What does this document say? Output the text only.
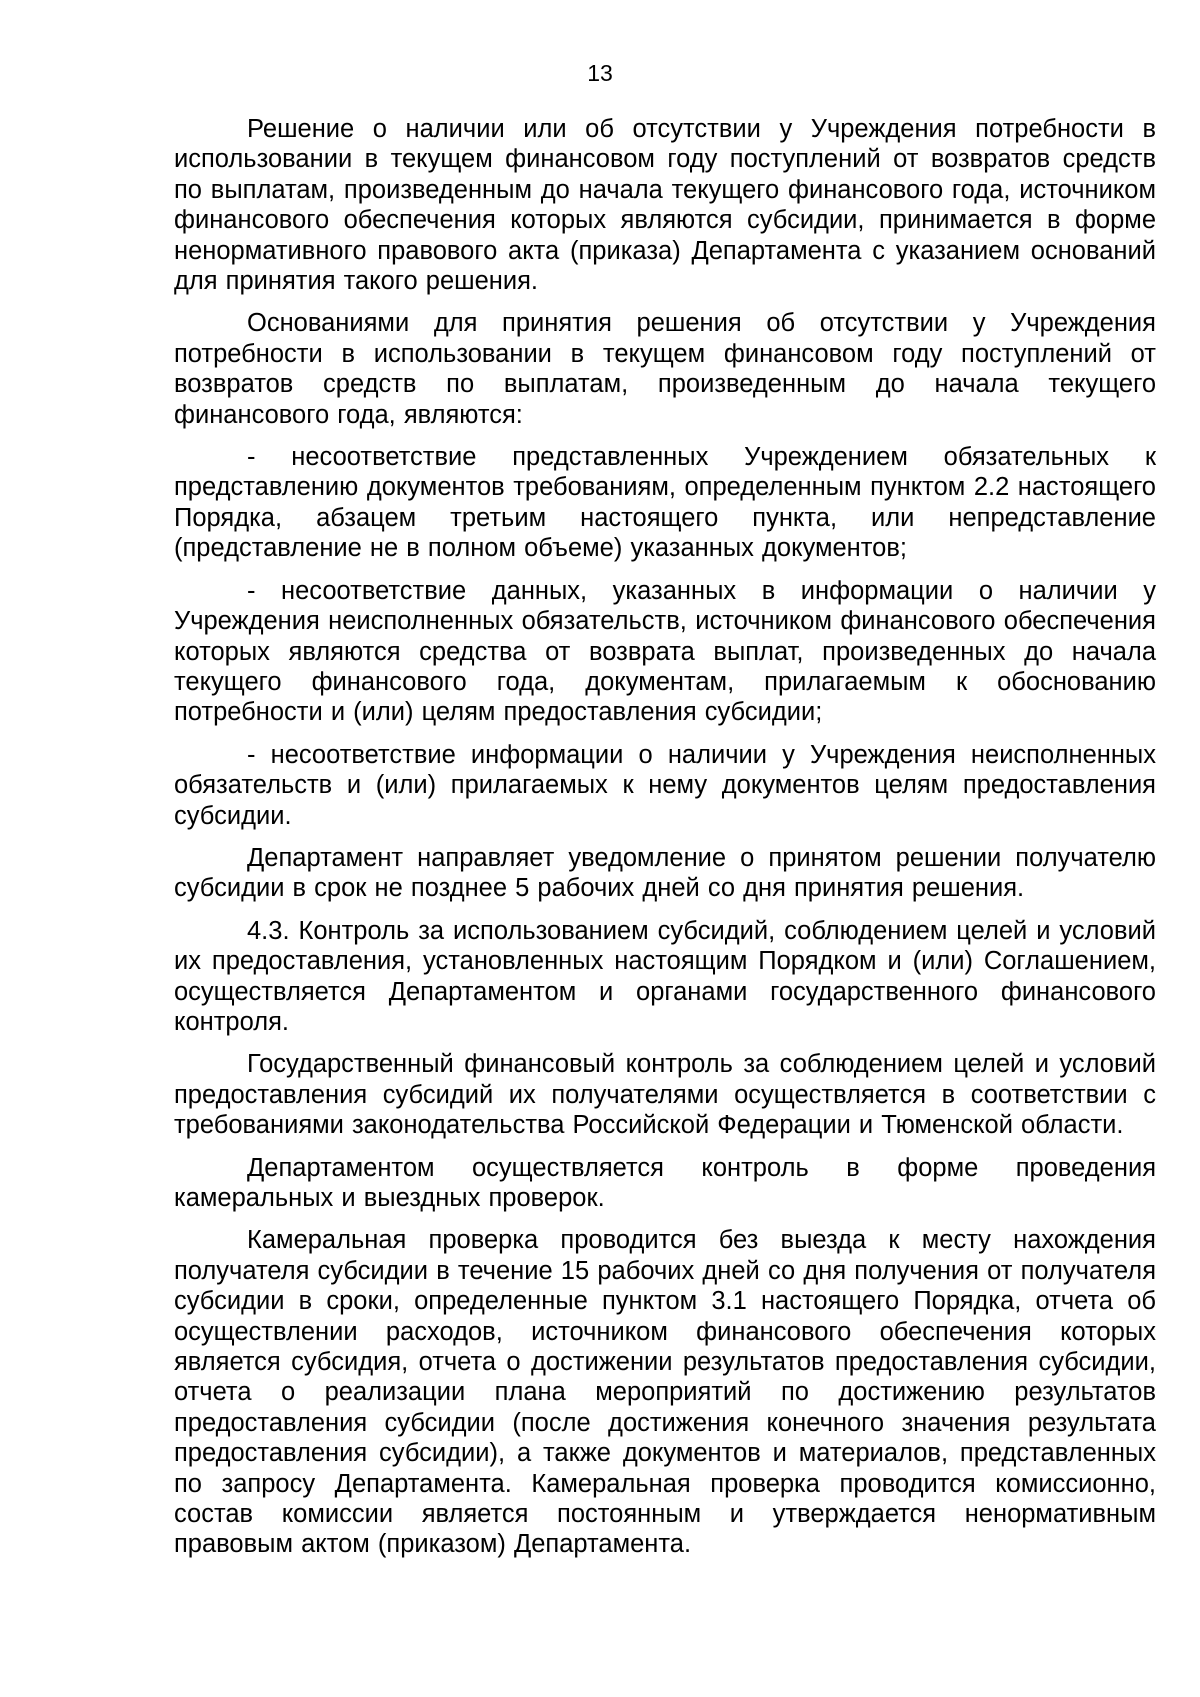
13

Решение о наличии или об отсутствии у Учреждения потребности в использовании в текущем финансовом году поступлений от возвратов средств по выплатам, произведенным до начала текущего финансового года, источником финансового обеспечения которых являются субсидии, принимается в форме ненормативного правового акта (приказа) Департамента с указанием оснований для принятия такого решения.

Основаниями для принятия решения об отсутствии у Учреждения потребности в использовании в текущем финансовом году поступлений от возвратов средств по выплатам, произведенным до начала текущего финансового года, являются:

- несоответствие представленных Учреждением обязательных к представлению документов требованиям, определенным пунктом 2.2 настоящего Порядка, абзацем третьим настоящего пункта, или непредставление (представление не в полном объеме) указанных документов;

- несоответствие данных, указанных в информации о наличии у Учреждения неисполненных обязательств, источником финансового обеспечения которых являются средства от возврата выплат, произведенных до начала текущего финансового года, документам, прилагаемым к обоснованию потребности и (или) целям предоставления субсидии;

- несоответствие информации о наличии у Учреждения неисполненных обязательств и (или) прилагаемых к нему документов целям предоставления субсидии.

Департамент направляет уведомление о принятом решении получателю субсидии в срок не позднее 5 рабочих дней со дня принятия решения.

4.3. Контроль за использованием субсидий, соблюдением целей и условий их предоставления, установленных настоящим Порядком и (или) Соглашением, осуществляется Департаментом и органами государственного финансового контроля.

Государственный финансовый контроль за соблюдением целей и условий предоставления субсидий их получателями осуществляется в соответствии с требованиями законодательства Российской Федерации и Тюменской области.

Департаментом осуществляется контроль в форме проведения камеральных и выездных проверок.

Камеральная проверка проводится без выезда к месту нахождения получателя субсидии в течение 15 рабочих дней со дня получения от получателя субсидии в сроки, определенные пунктом 3.1 настоящего Порядка, отчета об осуществлении расходов, источником финансового обеспечения которых является субсидия, отчета о достижении результатов предоставления субсидии, отчета о реализации плана мероприятий по достижению результатов предоставления субсидии (после достижения конечного значения результата предоставления субсидии), а также документов и материалов, представленных по запросу Департамента. Камеральная проверка проводится комиссионно, состав комиссии является постоянным и утверждается ненормативным правовым актом (приказом) Департамента.
